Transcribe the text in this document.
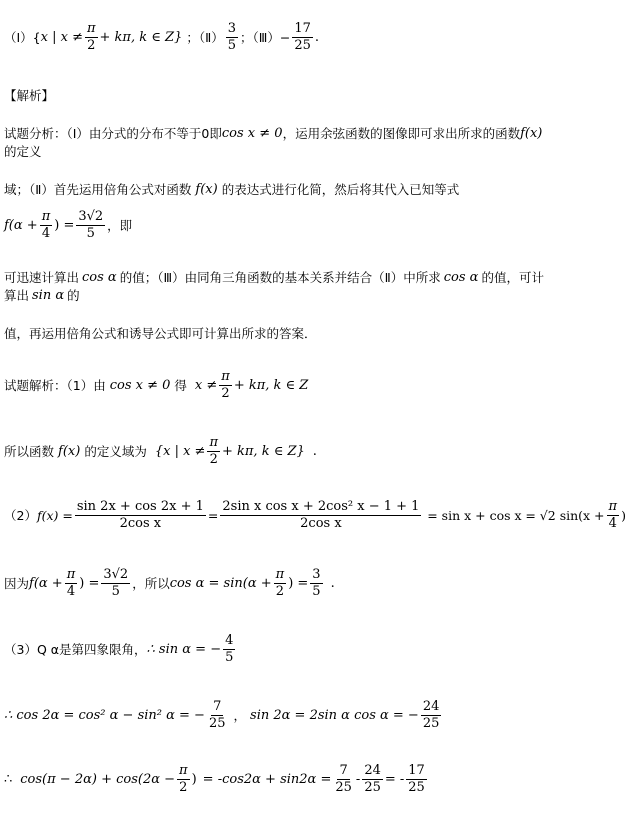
（Ⅰ）{ x | $x \ne \frac{\pi}{2} + k\pi$, k ∈ Z} ；（Ⅱ） $\frac{3}{5}$ ；（Ⅲ）− $\frac{17}{25}$ .
【解析】
试题分析：（Ⅰ）由分式的分布不等于0即 cos x ≠ 0 ，运用余弦函数的图像即可求出所求的函数 f(x)
的定义
域；（Ⅱ）首先运用倍角公式对函数 f(x) 的表达式进行化简，然后将其代入已知等式
$f(\alpha + \frac{\pi}{4}$ ) = $\frac{3√2}{5}$ ，即
可迅速计算出 cos α 的值；（Ⅲ）由同角三角函数的基本关系并结合（Ⅱ）中所求 cos α 的值，可计
算出 sin α 的
值，再运用倍角公式和诱导公式即可计算出所求的答案．
试题解析：（1）由 cos x ≠ 0 得 $x \ne \frac{\pi}{2} + k\pi$, k ∈ Z
所以函数 f(x) 的定义域为 {x | $x \ne \frac{\pi}{2} + k\pi$, k ∈ Z} .
（2） $f(x) = \frac{\sin 2x + \cos 2x + 1}{\text{2cos x}} = \frac{\text{2sin x cos x + 2cos² x − 1 + 1}}{\text{2cos x}} = \sin x + \cos x = √2$ $\sin(x + \frac{\pi}{4}$ )
因为 $f(\alpha + \frac{\pi}{4}$ ) = $\frac{3√2}{5}$ ，所以 $\cos \alpha = \sin(\alpha + \frac{\pi}{2}$ ) = $\frac{3}{5}$ .
（3）Q α是第四象限角， ∴ sin α = − $\frac{4}{5}$
∴ cos 2α = cos² α − sin² α = − $\frac{7}{25}$ ， sin 2α = 2sin α cos α = − $\frac{24}{25}$
∴ $\cos(\pi - 2\alpha) + \cos(2\alpha - \frac{\pi}{2}$ ) = $-\cos 2\alpha + \sin 2\alpha = \frac{7}{25} - \frac{24}{25}$ = - $\frac{17}{25}$
